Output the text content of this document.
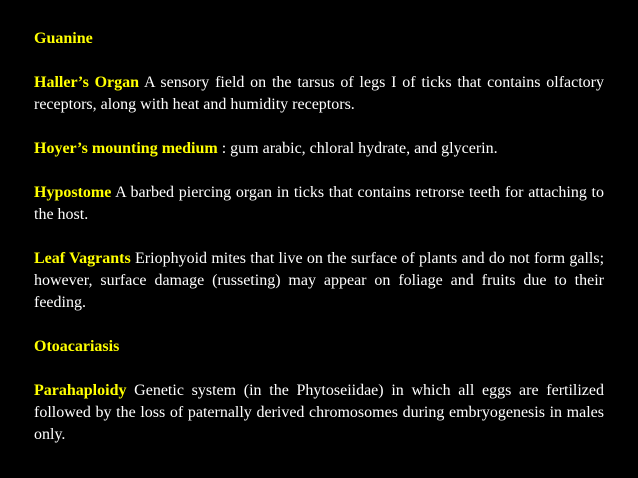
Guanine

Haller’s Organ A sensory field on the tarsus of legs I of ticks that contains olfactory receptors, along with heat and humidity receptors.

Hoyer’s mounting medium : gum arabic, chloral hydrate, and glycerin.

Hypostome A barbed piercing organ in ticks that contains retrorse teeth for attaching to the host.

Leaf Vagrants Eriophyoid mites that live on the surface of plants and do not form galls; however, surface damage (russeting) may appear on foliage and fruits due to their feeding.

Otoacariasis

Parahaploidy Genetic system (in the Phytoseiidae) in which all eggs are fertilized followed by the loss of paternally derived chromosomes during embryogenesis in males only.
